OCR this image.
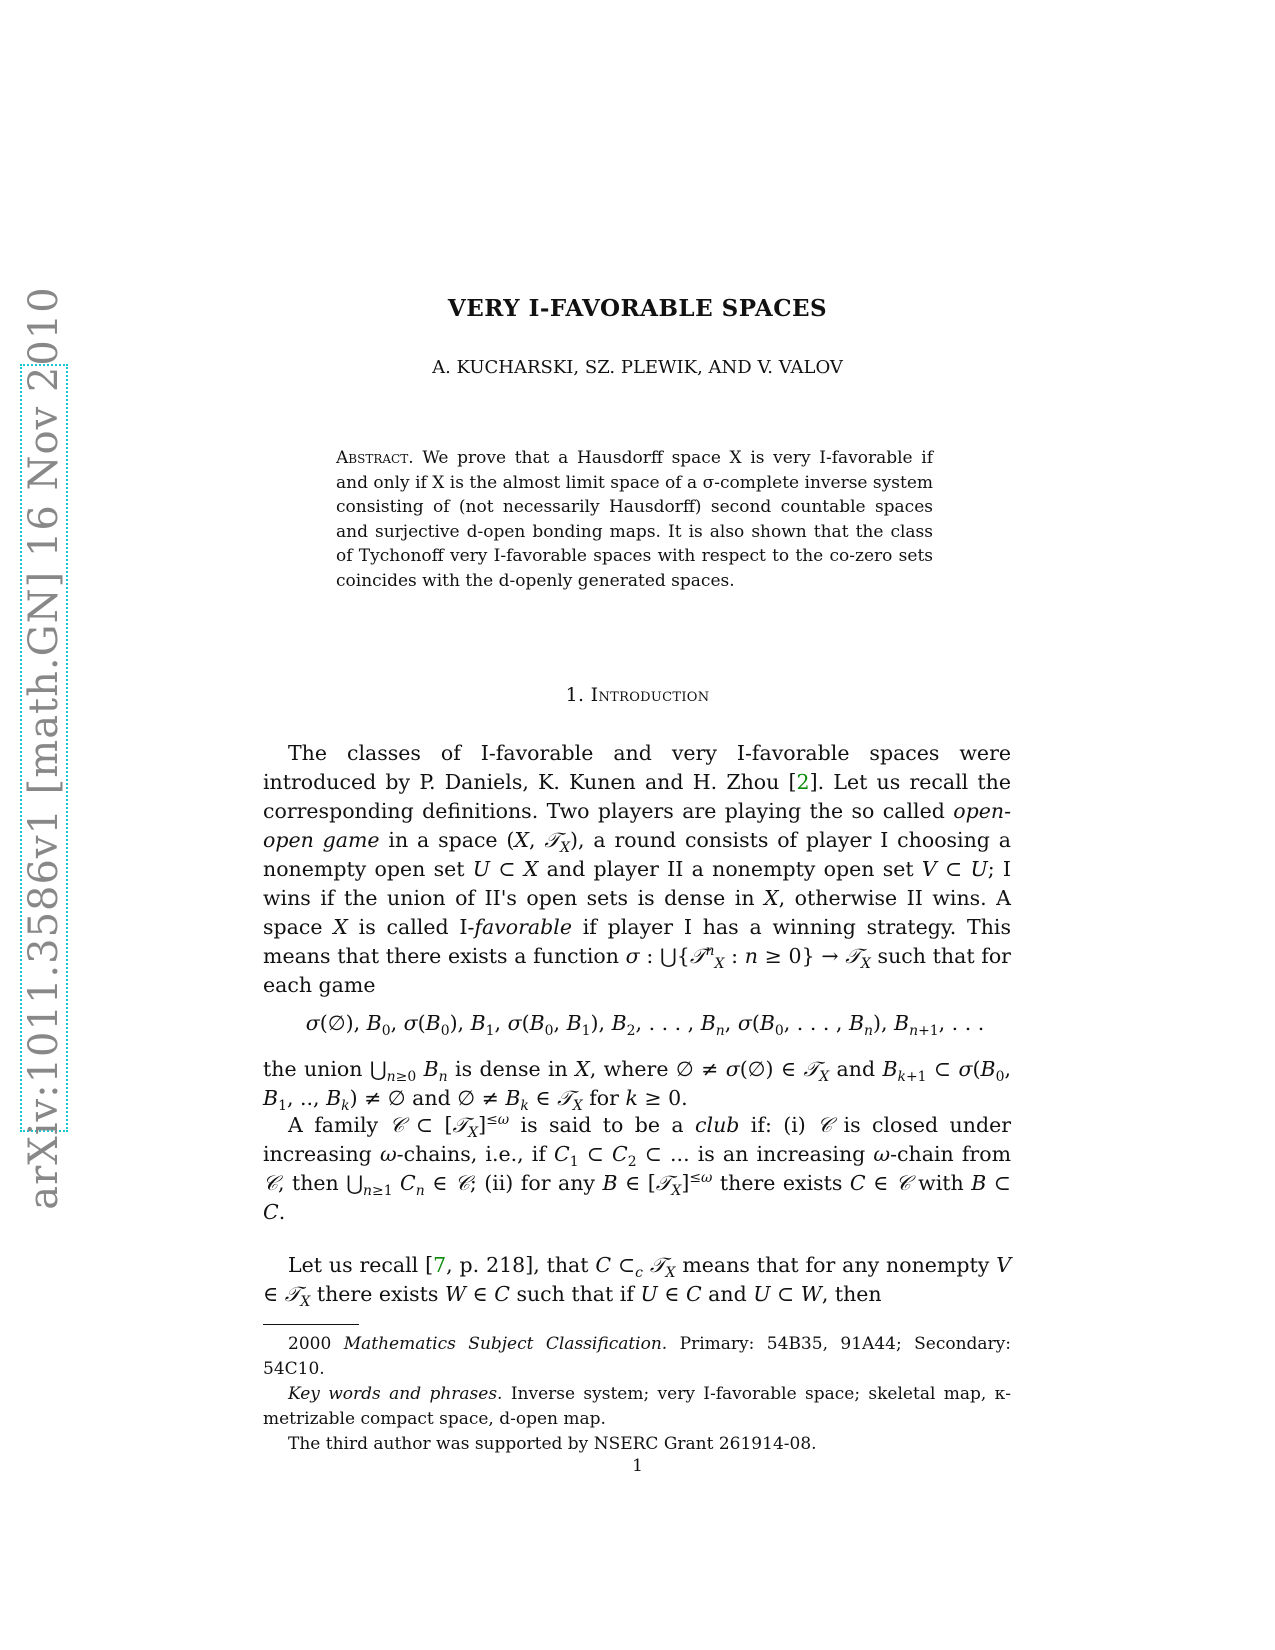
arXiv:1011.3586v1 [math.GN] 16 Nov 2010	VERY I-FAVORABLE SPACES
A. KUCHARSKI, SZ. PLEWIK, AND V. VALOV
Abstract. We prove that a Hausdorff space X is very I-favorable if and only if X is the almost limit space of a σ-complete inverse system consisting of (not necessarily Hausdorff) second countable spaces and surjective d-open bonding maps. It is also shown that the class of Tychonoff very I-favorable spaces with respect to the co-zero sets coincides with the d-openly generated spaces.
1. Introduction
The classes of I-favorable and very I-favorable spaces were introduced by P. Daniels, K. Kunen and H. Zhou [2]. Let us recall the corresponding definitions. Two players are playing the so called open-open game in a space (X, 𝒯$_X$), a round consists of player I choosing a nonempty open set U ⊂ X and player II a nonempty open set V ⊂ U; I wins if the union of II's open sets is dense in X, otherwise II wins. A space X is called I-favorable if player I has a winning strategy. This means that there exists a function σ : ⋃{𝒯$^n_X$ : n ≥ 0} → 𝒯$_X$ such that for each game
σ(∅), $B_0$, $\sigma(B_0)$, $B_1$, $\sigma(B_0$, $B_1$), $B_2$, . . . , $B_n$, $\sigma(B_0$, . . . , $B_n$), $B_{n+1}$, . . .
the union $⋃_{n\ge 0}$ $B_n$ is dense in X, where ∅ ≠ σ(∅) ∈ 𝒯$_X$ and $B_{k+1}$ ⊂ $\sigma(B_0$, $B_1$, .., $B_k$) ≠ ∅ and ∅ ≠ $B_k$ ∈ 𝒯$_X$ for k ≥ 0.
A family 𝒞 ⊂ [𝒯$_X$]$^{\le\omega}$ is said to be a club if: (i) 𝒞 is closed under increasing ω-chains, i.e., if $C_1$ ⊂ $C_2$ ⊂ ... is an increasing ω-chain from 𝒞, then $⋃_{n\ge 1}$ $C_n$ ∈ 𝒞; (ii) for any B ∈ [𝒯$_X$]$^{\le\omega}$ there exists C ∈ 𝒞 with B ⊂ C.
Let us recall [7, p. 218], that C $\subset_c$ 𝒯$_X$ means that for any nonempty V ∈ 𝒯$_X$ there exists W ∈ C such that if U ∈ C and U ⊂ W, then
2000 Mathematics Subject Classification. Primary: 54B35, 91A44; Secondary: 54C10.
Key words and phrases. Inverse system; very I-favorable space; skeletal map, κ-metrizable compact space, d-open map.
The third author was supported by NSERC Grant 261914-08.
1
